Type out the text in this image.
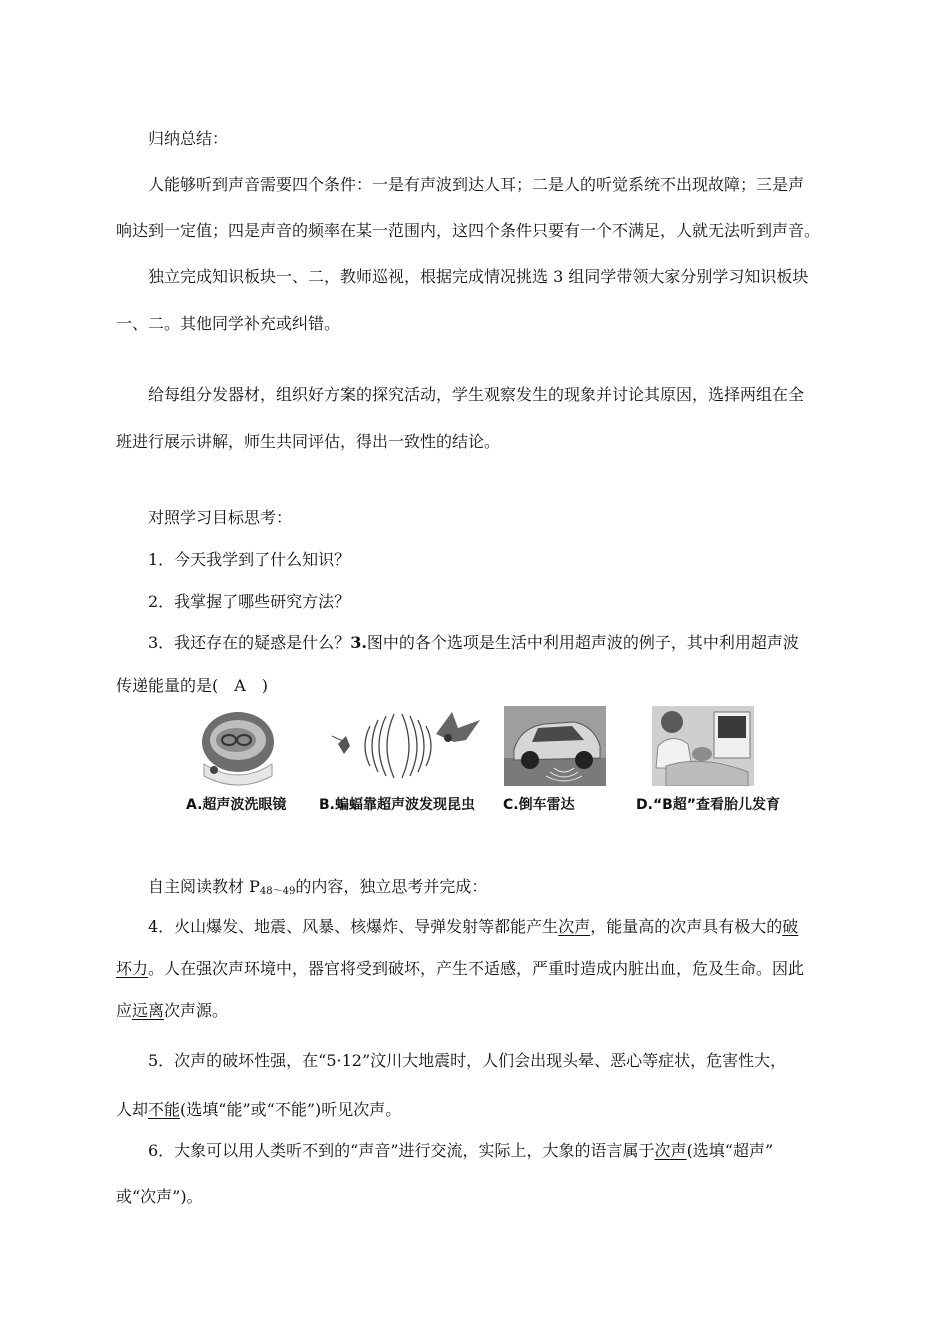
归纳总结：
人能够听到声音需要四个条件：一是有声波到达人耳；二是人的听觉系统不出现故障；三是声
响达到一定值；四是声音的频率在某一范围内，这四个条件只要有一个不满足，人就无法听到声音。
独立完成知识板块一、二，教师巡视，根据完成情况挑选 3 组同学带领大家分别学习知识板块
一、二。其他同学补充或纠错。
给每组分发器材，组织好方案的探究活动，学生观察发生的现象并讨论其原因，选择两组在全
班进行展示讲解，师生共同评估，得出一致性的结论。
对照学习目标思考：
1．今天我学到了什么知识？
2．我掌握了哪些研究方法？
3．我还存在的疑惑是什么？3.图中的各个选项是生活中利用超声波的例子，其中利用超声波
传递能量的是(　A　)
A.超声波洗眼镜 B.蝙蝠靠超声波发现昆虫 C.倒车雷达	D.“B超”查看胎儿发育
自主阅读教材 $P_{48\sim 49}$的内容，独立思考并完成：
4．火山爆发、地震、风暴、核爆炸、导弹发射等都能产生次声，能量高的次声具有极大的破
坏力。人在强次声环境中，器官将受到破坏，产生不适感，严重时造成内脏出血，危及生命。因此
应远离次声源。
5．次声的破坏性强，在“5·12”汶川大地震时，人们会出现头晕、恶心等症状，危害性大，
人却不能(选填“能”或“不能”)听见次声。
6．大象可以用人类听不到的“声音”进行交流，实际上，大象的语言属于次声(选填“超声”
或“次声”)。
